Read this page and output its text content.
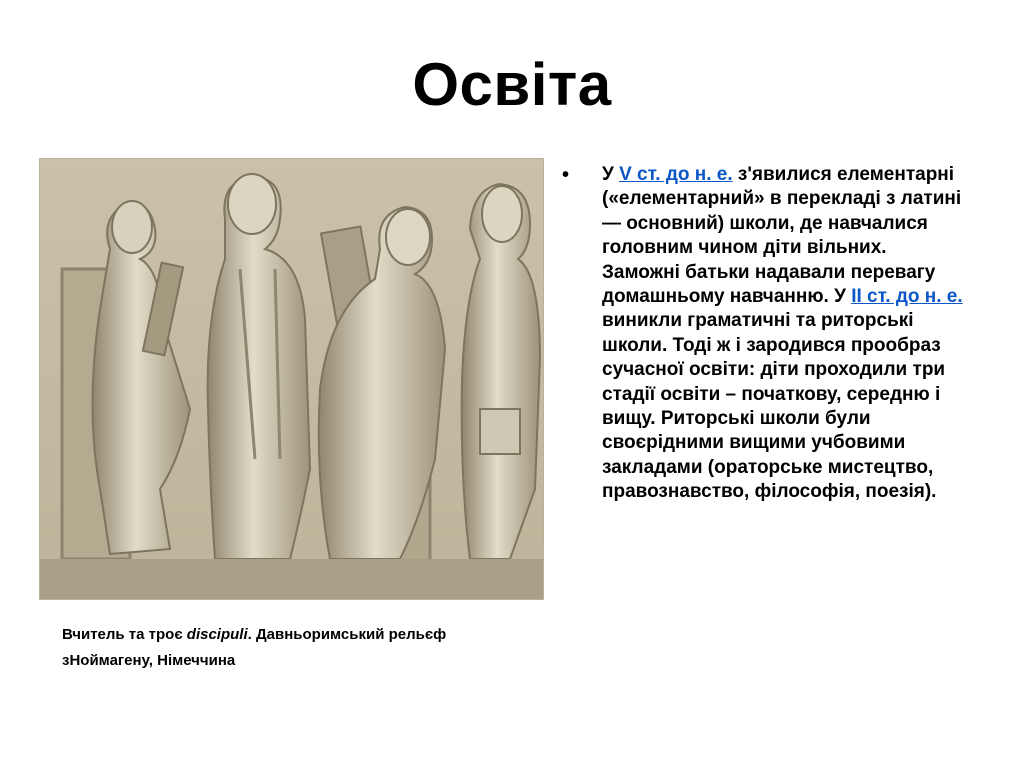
Освіта
Вчитель та троє discipuli. Давньоримський рельєф зНоймагену, Німеччина
• У V ст. до н. е. з'явилися елементарні («елементарний» в перекладі з латині — основний) школи, де навчалися головним чином діти вільних. Заможні батьки надавали перевагу домашньому навчанню. У II ст. до н. е. виникли граматичні та риторські школи. Тоді ж і зародився прообраз сучасної освіти: діти проходили три стадії освіти – початкову, середню і вищу. Риторські школи були своєрідними вищими учбовими закладами (ораторське мистецтво, правознавство, філософія, поезія).
